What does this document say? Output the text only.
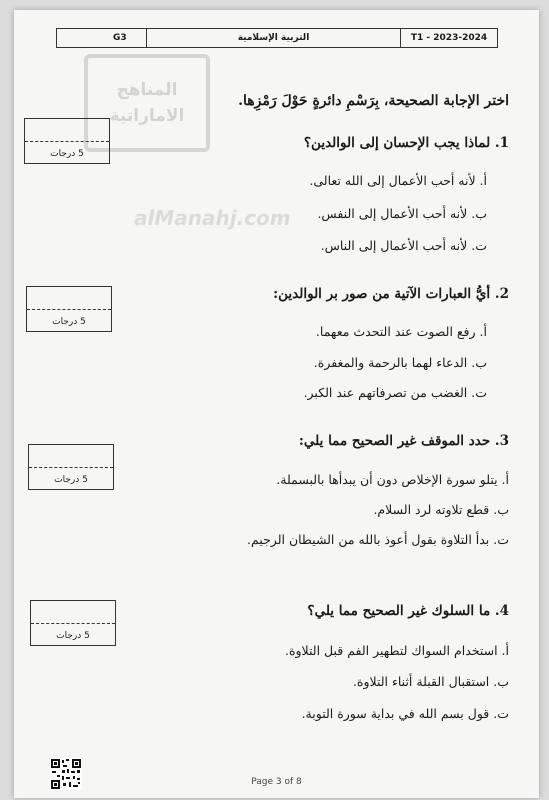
G3	التربية الإسلامية	T1 - 2023-2024
المناهج
الاماراتية
alManahj.com
اختر الإجابة الصحيحة، بِرَسْمِ دائرةٍ حَوْلَ رَمْزِها.
5 درجات
1. لماذا يجب الإحسان إلى الوالدين؟
أ. لأنه أحب الأعمال إلى الله تعالى.
ب. لأنه أحب الأعمال إلى النفس.
ت. لأنه أحب الأعمال إلى الناس.
5 درجات
2. أيُّ العبارات الآتية من صور بر الوالدين:
أ. رفع الصوت عند التحدث معهما.
ب. الدعاء لهما بالرحمة والمغفرة.
ت. الغضب من تصرفاتهم عند الكبر.
5 درجات
3. حدد الموقف غير الصحيح مما يلي:
أ. يتلو سورة الإخلاص دون أن يبدأها بالبسملة.
ب. قطع تلاوته لرد السلام.
ت. بدأ التلاوة بقول أعوذ بالله من الشيطان الرجيم.
5 درجات
4. ما السلوك غير الصحيح مما يلي؟
أ. استخدام السواك لتطهير الفم قبل التلاوة.
ب. استقبال القبلة أثناء التلاوة.
ت. قول بسم الله في بداية سورة التوبة.
Page 3 of 8
